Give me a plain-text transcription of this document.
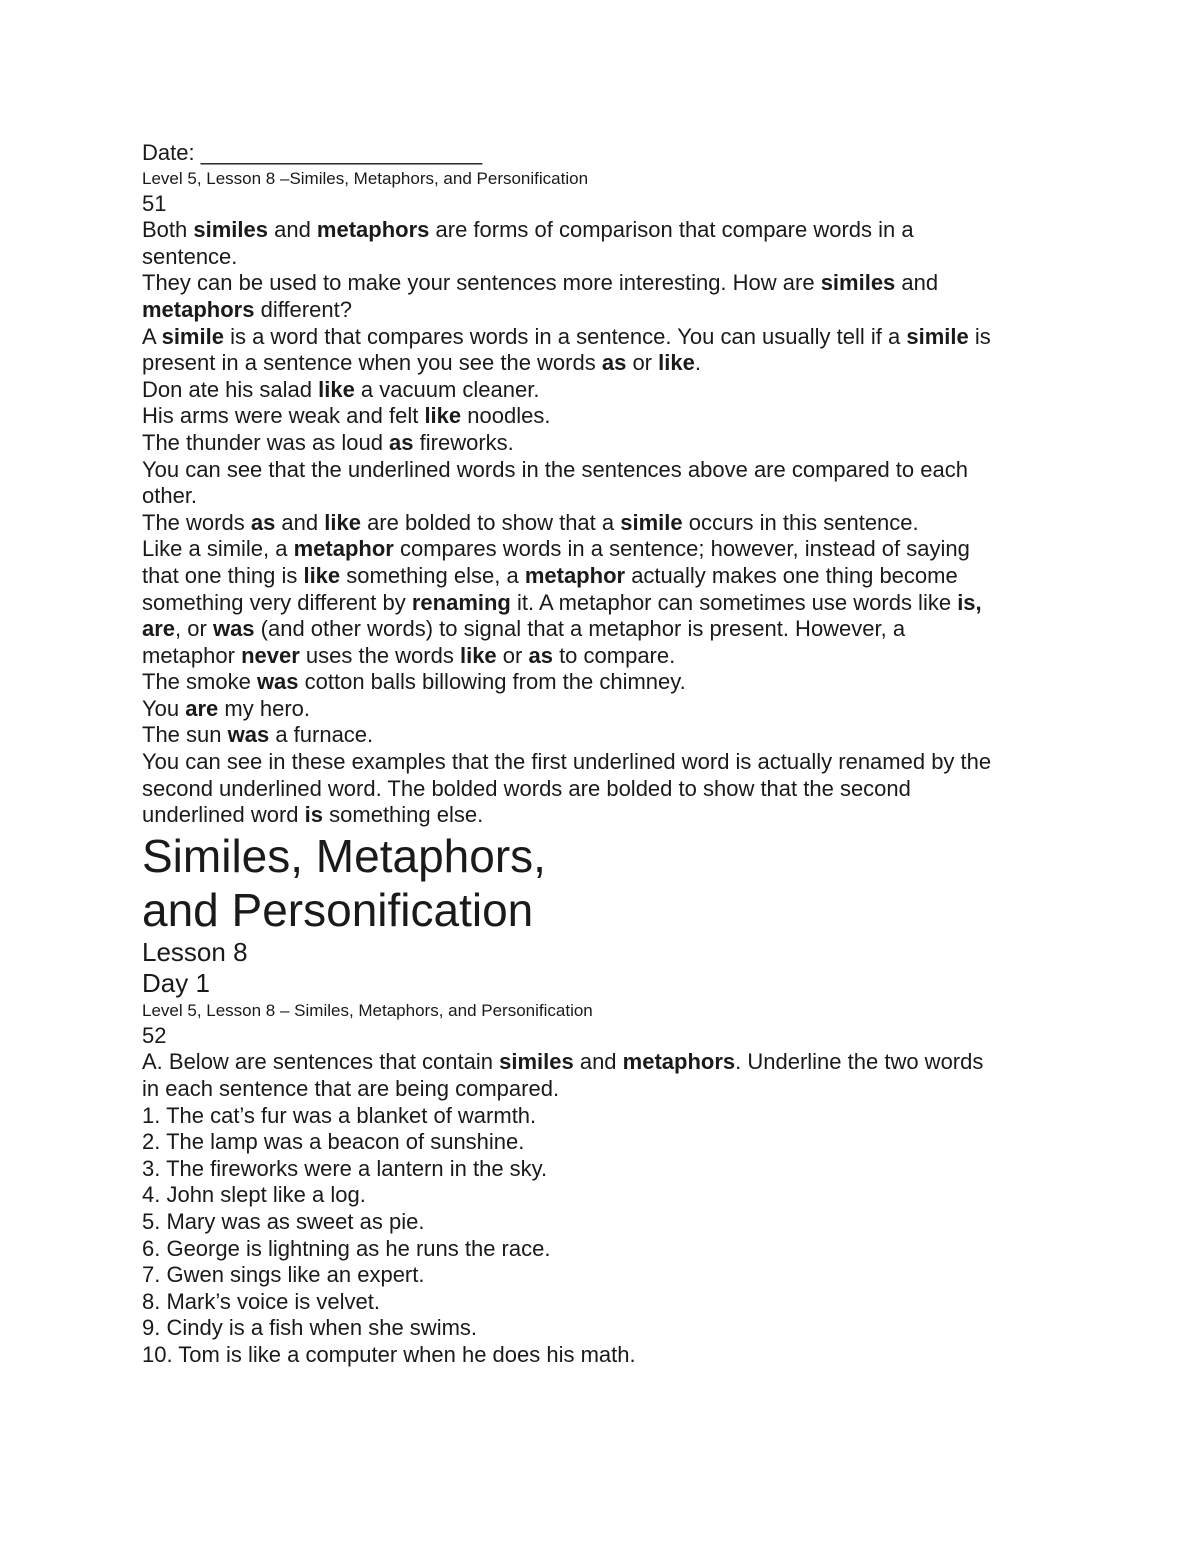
Date: _______________________

Level 5, Lesson 8 –Similes, Metaphors, and Personification

51

Both similes and metaphors are forms of comparison that compare words in a

sentence.

They can be used to make your sentences more interesting. How are similes and

metaphors different?

A simile is a word that compares words in a sentence. You can usually tell if a simile is

present in a sentence when you see the words as or like.

Don ate his salad like a vacuum cleaner.

His arms were weak and felt like noodles.

The thunder was as loud as fireworks.

You can see that the underlined words in the sentences above are compared to each

other.

The words as and like are bolded to show that a simile occurs in this sentence.

Like a simile, a metaphor compares words in a sentence; however, instead of saying

that one thing is like something else, a metaphor actually makes one thing become

something very different by renaming it. A metaphor can sometimes use words like is,

are, or was (and other words) to signal that a metaphor is present. However, a

metaphor never uses the words like or as to compare.

The smoke was cotton balls billowing from the chimney.

You are my hero.

The sun was a furnace.

You can see in these examples that the first underlined word is actually renamed by the

second underlined word. The bolded words are bolded to show that the second

underlined word is something else.

Similes, Metaphors,

and Personification

Lesson 8

Day 1

Level 5, Lesson 8 – Similes, Metaphors, and Personification

52

A. Below are sentences that contain similes and metaphors. Underline the two words

in each sentence that are being compared.

1. The cat’s fur was a blanket of warmth.

2. The lamp was a beacon of sunshine.

3. The fireworks were a lantern in the sky.

4. John slept like a log.

5. Mary was as sweet as pie.

6. George is lightning as he runs the race.

7. Gwen sings like an expert.

8. Mark’s voice is velvet.

9. Cindy is a fish when she swims.

10. Tom is like a computer when he does his math.
